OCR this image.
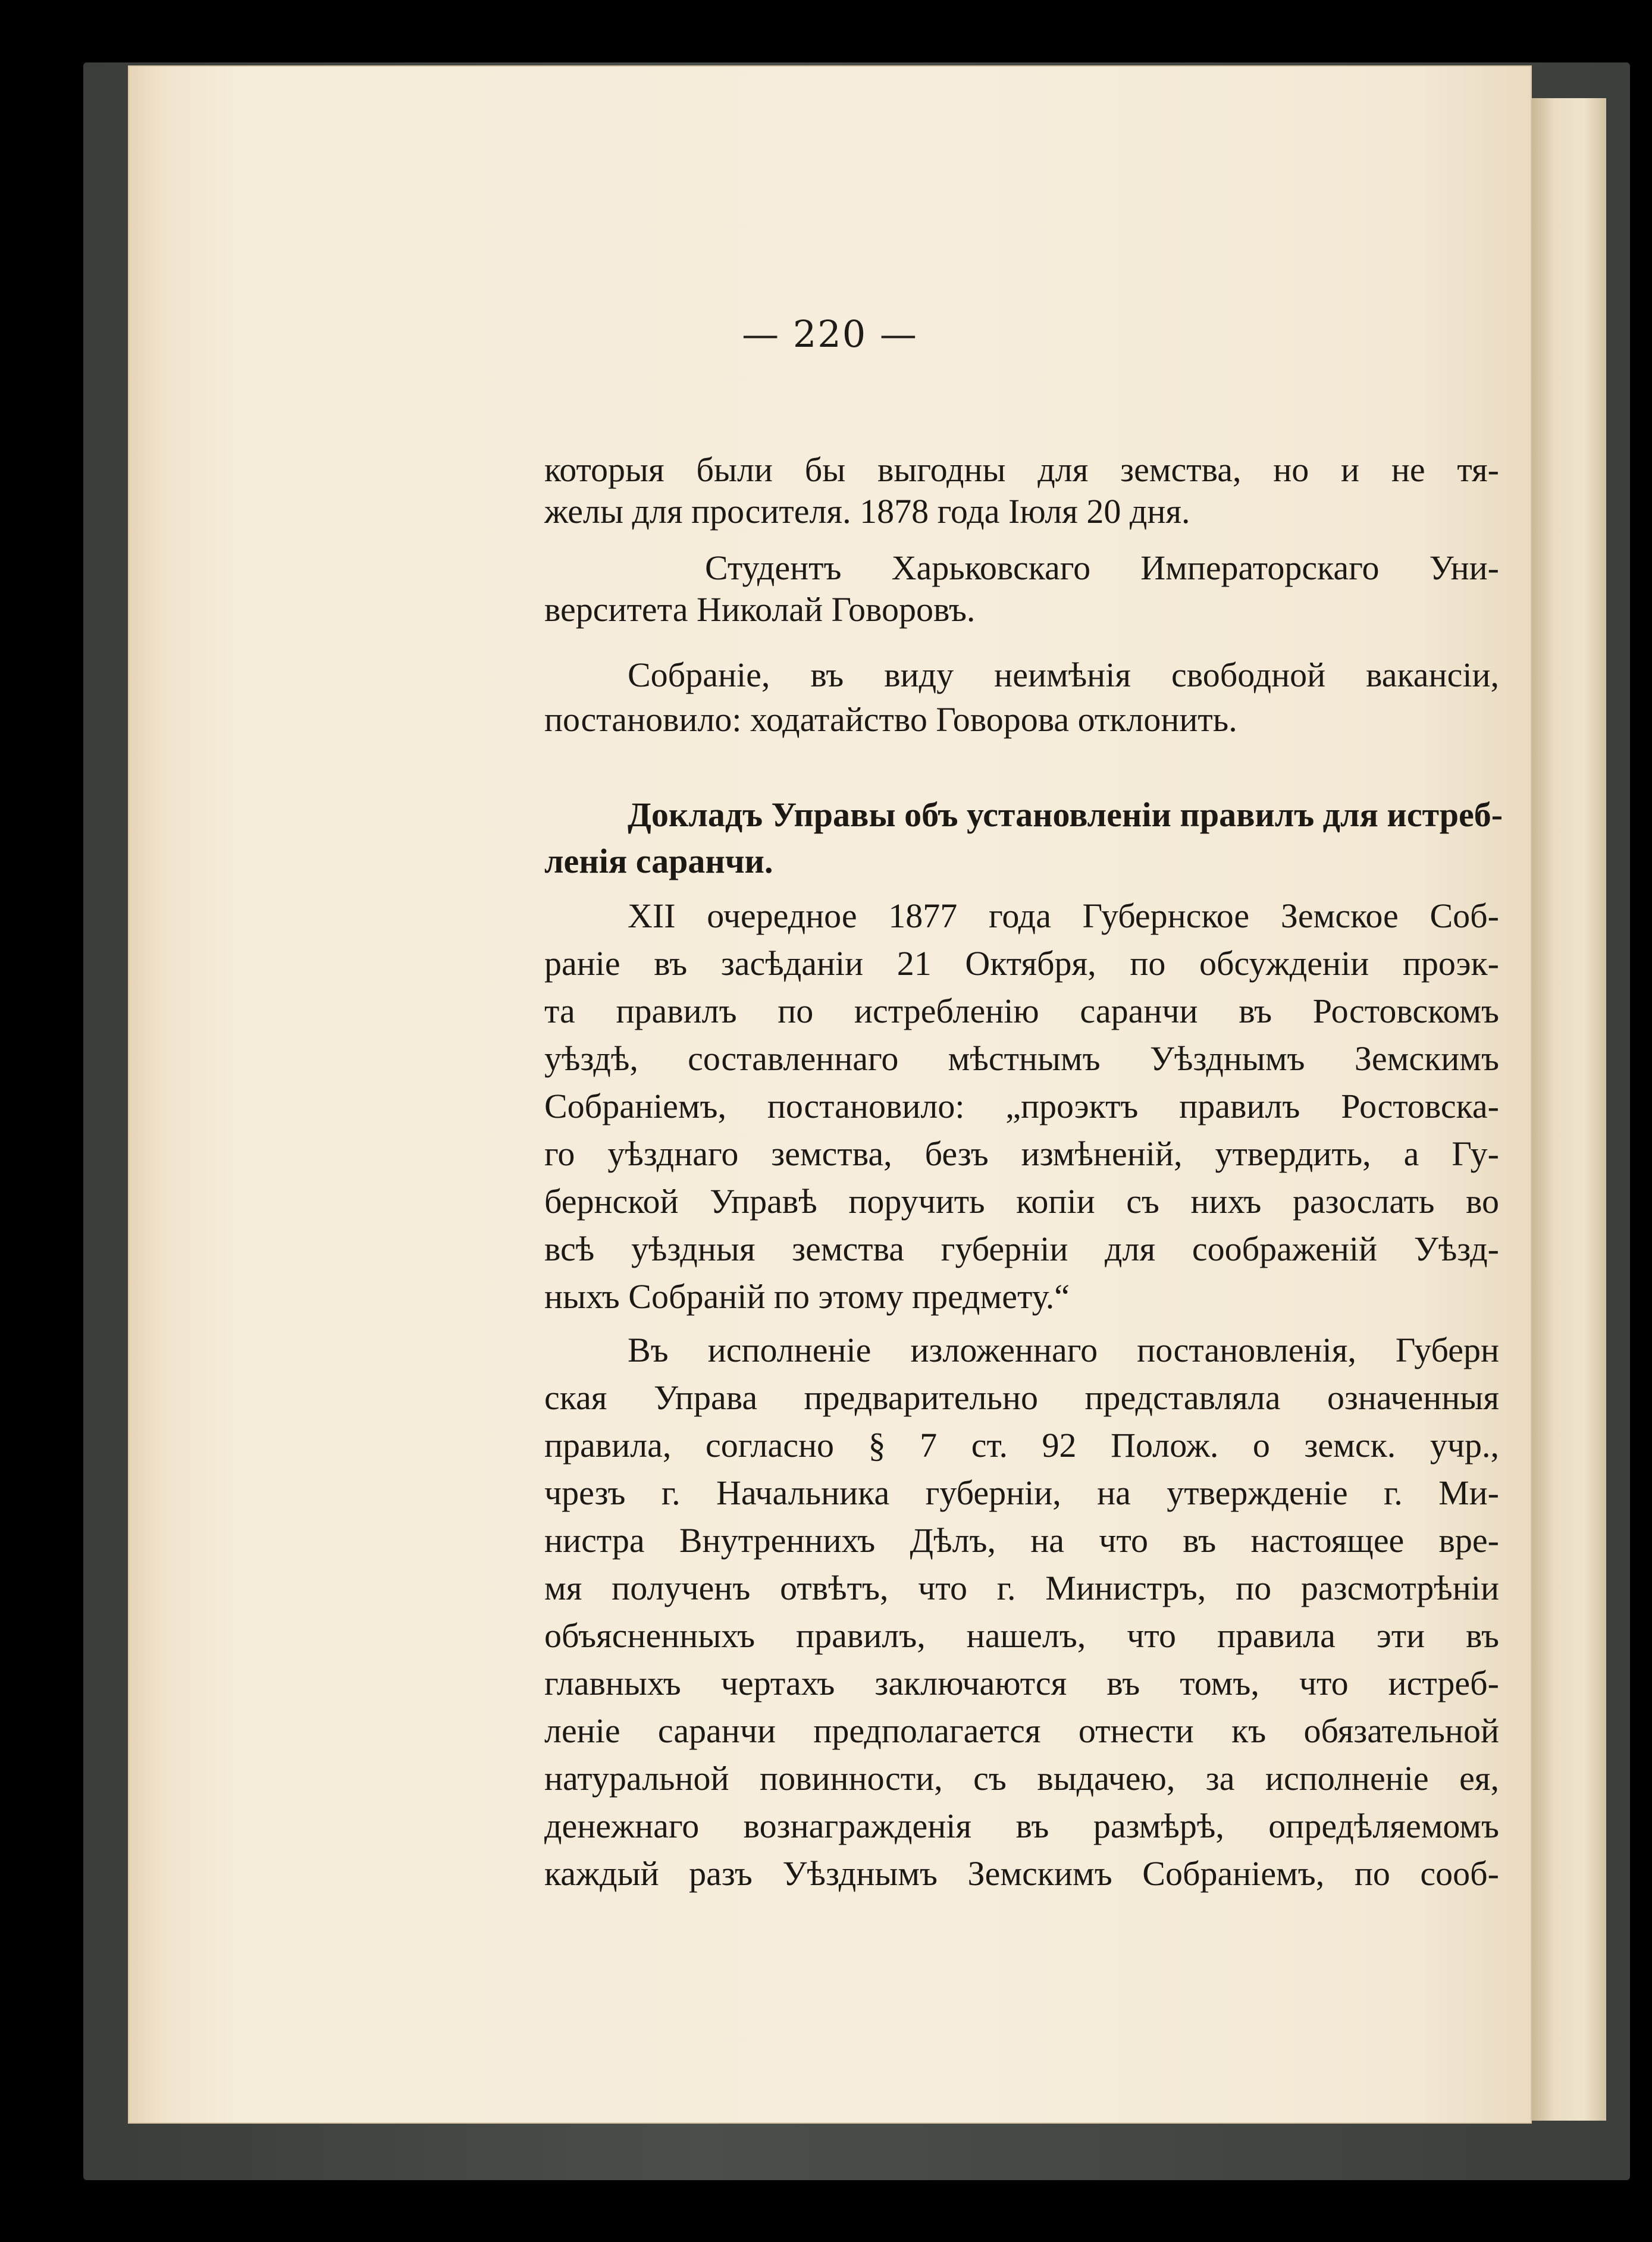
— 220 —
которыя были бы выгодны для земства, но и не тя-
желы для просителя. 1878 года Іюля 20 дня.
Студентъ Харьковскаго Императорскаго Уни-
верситета Николай Говоровъ.
Собраніе, въ виду неимѣнія свободной вакансіи,
постановило: ходатайство Говорова отклонить.
Докладъ Управы объ установленіи правилъ для истреб-
ленія саранчи.
XII очередное 1877 года Губернское Земское Соб-
раніе въ засѣданіи 21 Октября, по обсужденіи проэк-
та правилъ по истребленію саранчи въ Ростовскомъ
уѣздѣ, составленнаго мѣстнымъ Уѣзднымъ Земскимъ
Собраніемъ, постановило: „проэктъ правилъ Ростовска-
го уѣзднаго земства, безъ измѣненій, утвердить, а Гу-
бернской Управѣ поручить копіи съ нихъ разослать во
всѣ уѣздныя земства губерніи для соображеній Уѣзд-
ныхъ Собраній по этому предмету.“
Въ исполненіе изложеннаго постановленія, Губерн
ская Управа предварительно представляла означенныя
правила, согласно § 7 ст. 92 Полож. о земск. учр.,
чрезъ г. Начальника губерніи, на утвержденіе г. Ми-
нистра Внутреннихъ Дѣлъ, на что въ настоящее вре-
мя полученъ отвѣтъ, что г. Министръ, по разсмотрѣніи
объясненныхъ правилъ, нашелъ, что правила эти въ
главныхъ чертахъ заключаются въ томъ, что истреб-
леніе саранчи предполагается отнести къ обязательной
натуральной повинности, съ выдачею, за исполненіе ея,
денежнаго вознагражденія въ размѣрѣ, опредѣляемомъ
каждый разъ Уѣзднымъ Земскимъ Собраніемъ, по сооб-
